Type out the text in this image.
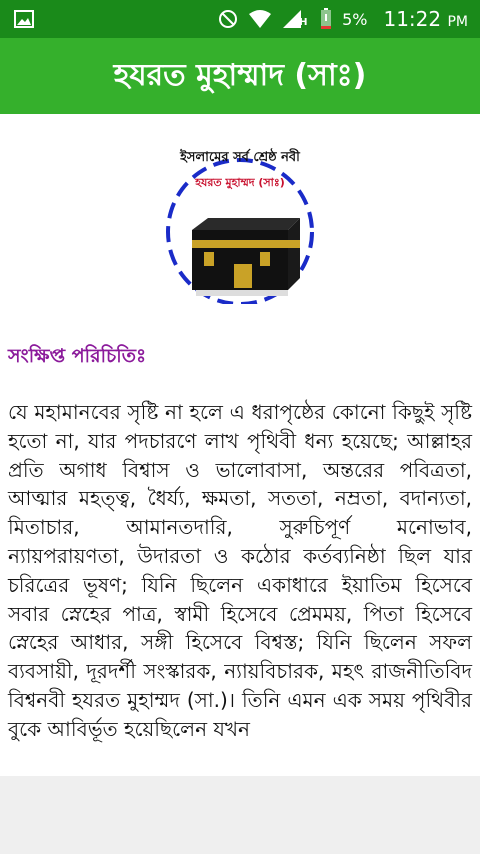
H 5% 11:22 PM
হযরত মুহাম্মাদ (সাঃ)
ইসলামের সর্ব শ্রেষ্ঠ নবী
হযরত মুহাম্মদ (সাঃ)
সংক্ষিপ্ত পরিচিতিঃ
যে মহামানবের সৃষ্টি না হলে এ ধরাপৃষ্ঠের কোনো কিছুই সৃষ্টি হতো না, যার পদচারণে লাখ পৃথিবী ধন্য হয়েছে; আল্লাহর প্রতি অগাধ বিশ্বাস ও ভালোবাসা, অন্তরের পবিত্রতা, আত্মার মহত্ত্ব, ধৈর্য্য, ক্ষমতা, সততা, নম্রতা, বদান্যতা, মিতাচার, আমানতদারি, সুরুচিপূর্ণ মনোভাব, ন্যায়পরায়ণতা, উদারতা ও কঠোর কর্তব্যনিষ্ঠা ছিল যার চরিত্রের ভূষণ; যিনি ছিলেন একাধারে ইয়াতিম হিসেবে সবার স্নেহের পাত্র, স্বামী হিসেবে প্রেমময়, পিতা হিসেবে স্নেহের আধার, সঙ্গী হিসেবে বিশ্বস্ত; যিনি ছিলেন সফল ব্যবসায়ী, দূরদর্শী সংস্কারক, ন্যায়বিচারক, মহৎ রাজনীতিবিদ বিশ্বনবী হযরত মুহাম্মদ (সা.)। তিনি এমন এক সময় পৃথিবীর বুকে আবির্ভূত হয়েছিলেন যখন
